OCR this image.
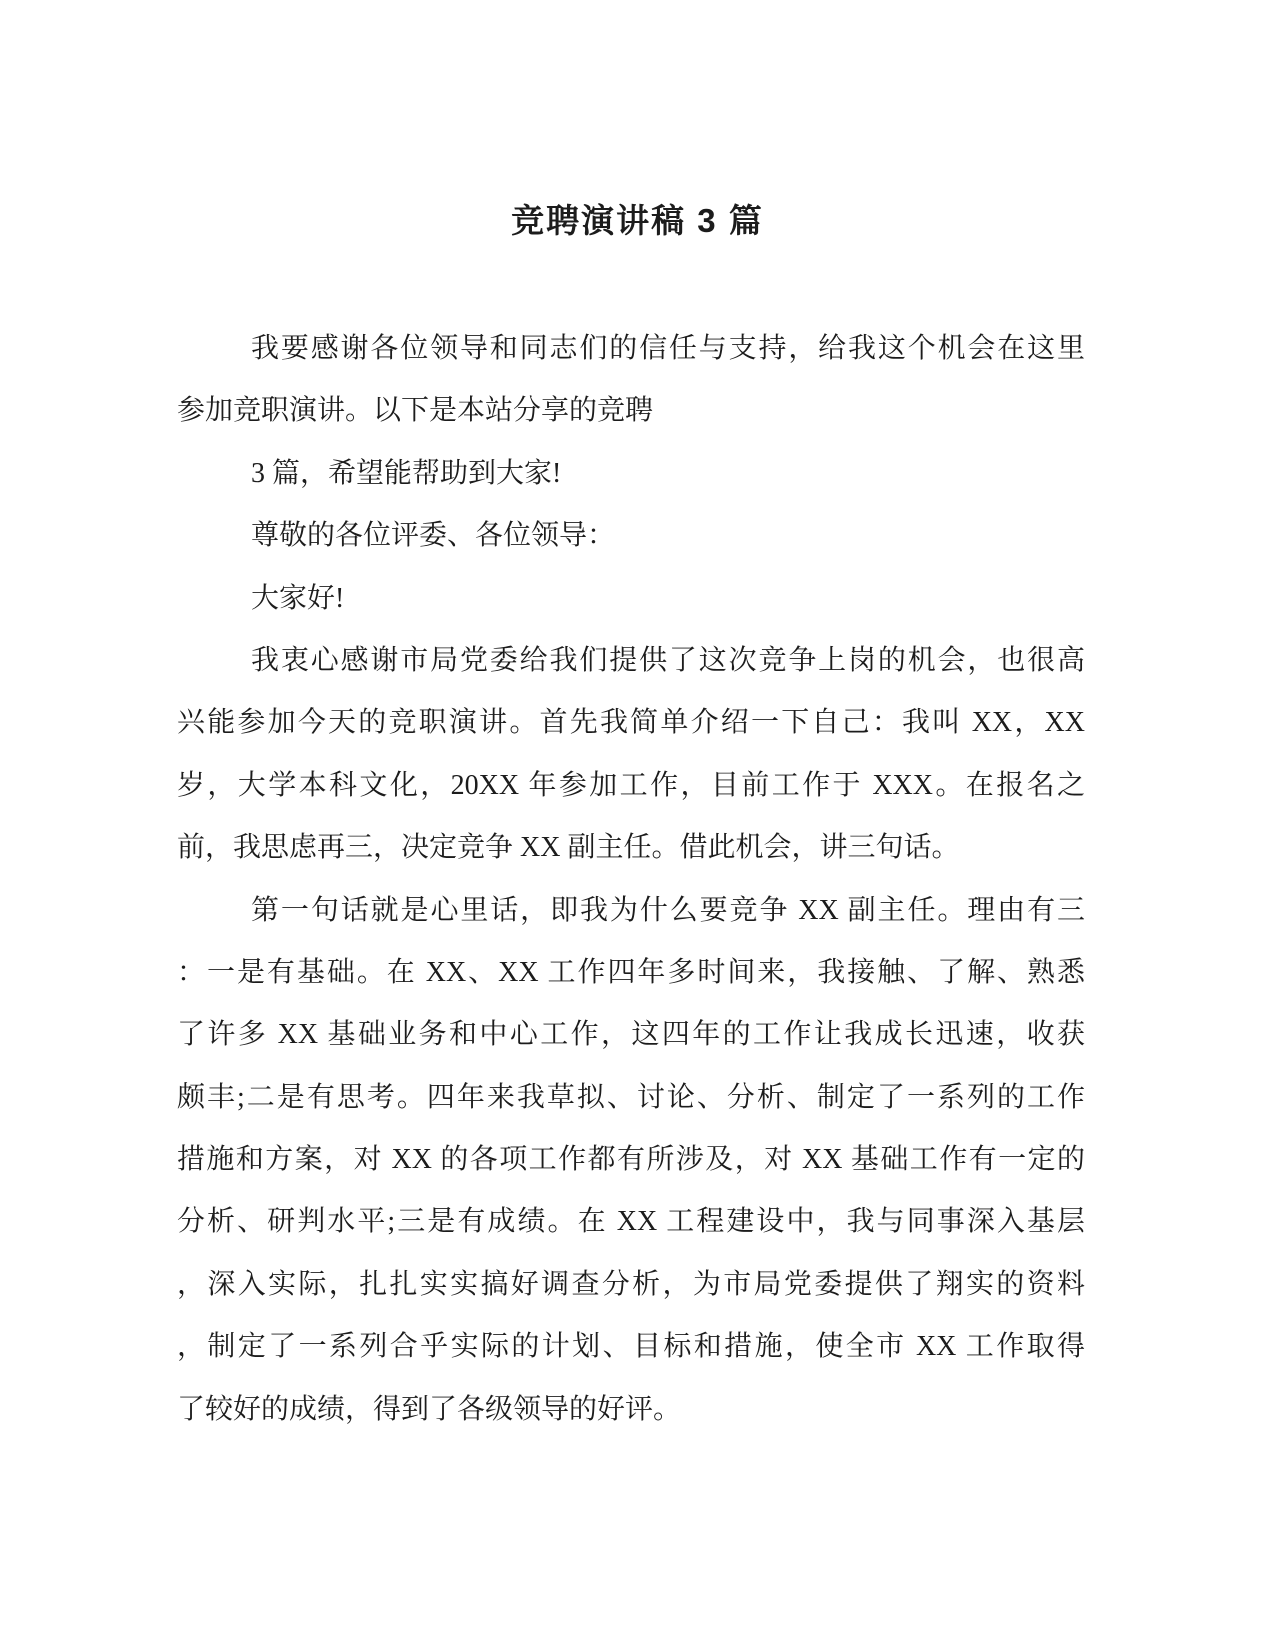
竞聘演讲稿 3 篇
我要感谢各位领导和同志们的信任与支持，给我这个机会在这里
参加竞职演讲。以下是本站分享的竞聘
3 篇，希望能帮助到大家!
尊敬的各位评委、各位领导：
大家好!
我衷心感谢市局党委给我们提供了这次竞争上岗的机会，也很高
兴能参加今天的竞职演讲。首先我简单介绍一下自己：我叫 XX，XX
岁，大学本科文化，20XX 年参加工作，目前工作于 XXX。在报名之
前，我思虑再三，决定竞争 XX 副主任。借此机会，讲三句话。
第一句话就是心里话，即我为什么要竞争 XX 副主任。理由有三
：一是有基础。在 XX、XX 工作四年多时间来，我接触、了解、熟悉
了许多 XX 基础业务和中心工作，这四年的工作让我成长迅速，收获
颇丰;二是有思考。四年来我草拟、讨论、分析、制定了一系列的工作
措施和方案，对 XX 的各项工作都有所涉及，对 XX 基础工作有一定的
分析、研判水平;三是有成绩。在 XX 工程建设中，我与同事深入基层
，深入实际，扎扎实实搞好调查分析，为市局党委提供了翔实的资料
，制定了一系列合乎实际的计划、目标和措施，使全市 XX 工作取得
了较好的成绩，得到了各级领导的好评。
